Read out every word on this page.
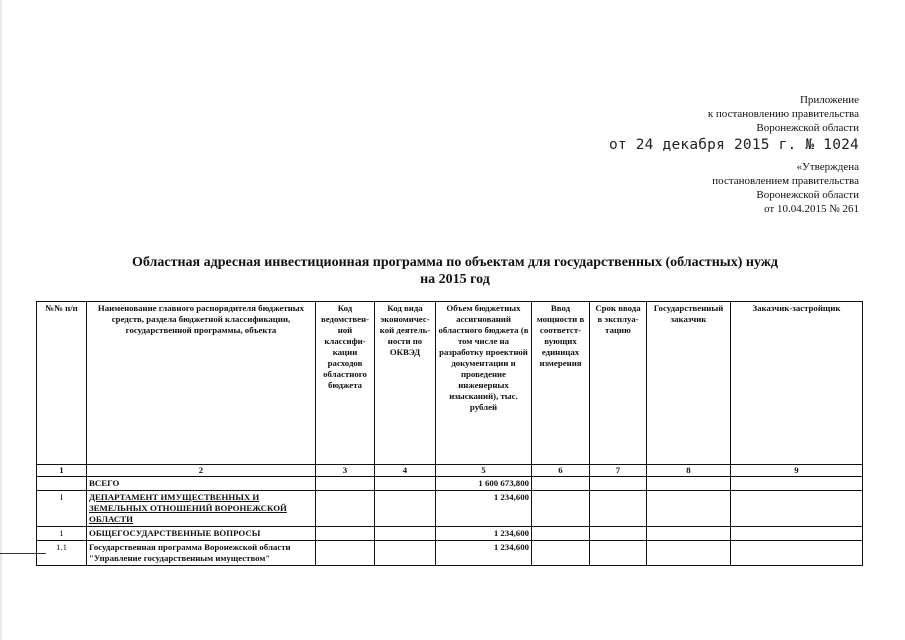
Приложение
к постановлению правительства
Воронежской области
от 24 декабря 2015 г. № 1024
«Утверждена
постановлением правительства
Воронежской области
от 10.04.2015 № 261
Областная адресная инвестиционная программа по объектам для государственных (областных) нужд
на 2015 год
№№ п/п	Наименование главного распорядителя бюджетных средств, раздела бюджетной классификации, государственной программы, объекта	Код ведомствен-ной классифи-кации расходов областного бюджета	Код вида экономичес-кой деятель-ности по ОКВЭД	Объем бюджетных ассигнований областного бюджета (в том числе на разработку проектной документации и проведение инженерных изысканий), тыс. рублей	Ввод мощности в соответст-вующих единицах измерения	Срок ввода в эксплуа-тацию	Государственный заказчик	Заказчик-застройщик
1	2	3	4	5	6	7	8	9
	ВСЕГО			1 600 673,800				
I	ДЕПАРТАМЕНТ ИМУЩЕСТВЕННЫХ И ЗЕМЕЛЬНЫХ ОТНОШЕНИЙ ВОРОНЕЖСКОЙ ОБЛАСТИ			1 234,600				
1	ОБЩЕГОСУДАРСТВЕННЫЕ ВОПРОСЫ			1 234,600				
1.1	Государственная программа Воронежской области "Управление государственным имуществом"			1 234,600				
